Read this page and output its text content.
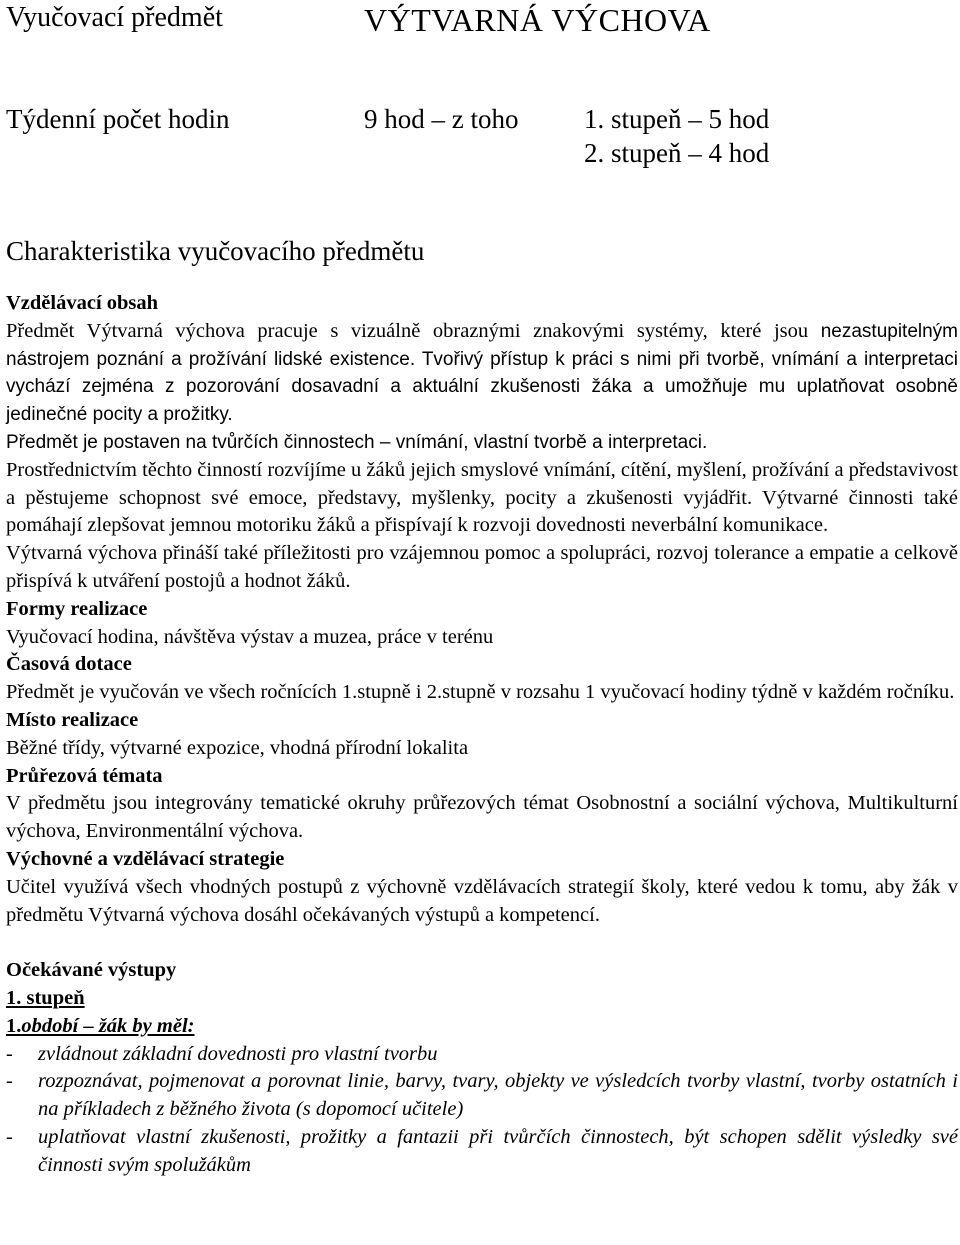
Vyučovací předmět	VÝTVARNÁ VÝCHOVA
Týdenní počet hodin	9 hod – z toho 1. stupeň – 5 hod
2. stupeň – 4 hod
Charakteristika vyučovacího předmětu

Vzdělávací obsah

Předmět Výtvarná výchova pracuje s vizuálně obraznými znakovými systémy, které jsou nezastupitelným nástrojem poznání a prožívání lidské existence. Tvořivý přístup k práci s nimi při tvorbě, vnímání a interpretaci vychází zejména z pozorování dosavadní a aktuální zkušenosti žáka a umožňuje mu uplatňovat osobně jedinečné pocity a prožitky.

Předmět je postaven na tvůrčích činnostech – vnímání, vlastní tvorbě a interpretaci.

Prostřednictvím těchto činností rozvíjíme u žáků jejich smyslové vnímání, cítění, myšlení, prožívání a představivost a pěstujeme schopnost své emoce, představy, myšlenky, pocity a zkušenosti vyjádřit. Výtvarné činnosti také pomáhají zlepšovat jemnou motoriku žáků a přispívají k rozvoji dovednosti neverbální komunikace.

Výtvarná výchova přináší také příležitosti pro vzájemnou pomoc a spolupráci, rozvoj tolerance a empatie a celkově přispívá k utváření postojů a hodnot žáků.

Formy realizace

Vyučovací hodina, návštěva výstav a muzea, práce v terénu

Časová dotace

Předmět je vyučován ve všech ročnících 1.stupně i 2.stupně v rozsahu 1 vyučovací hodiny týdně v každém ročníku.

Místo realizace

Běžné třídy, výtvarné expozice, vhodná přírodní lokalita

Průřezová témata

V předmětu jsou integrovány tematické okruhy průřezových témat Osobnostní a sociální výchova, Multikulturní výchova, Environmentální výchova.

Výchovné a vzdělávací strategie

Učitel využívá všech vhodných postupů z výchovně vzdělávacích strategií školy, které vedou k tomu, aby žák v předmětu Výtvarná výchova dosáhl očekávaných výstupů a kompetencí.

Očekávané výstupy

1. stupeň

1.období – žák by měl:

- zvládnout základní dovednosti pro vlastní tvorbu
- rozpoznávat, pojmenovat a porovnat linie, barvy, tvary, objekty ve výsledcích tvorby vlastní, tvorby ostatních i na příkladech z běžného života (s dopomocí učitele)
- uplatňovat vlastní zkušenosti, prožitky a fantazii při tvůrčích činnostech, být schopen sdělit výsledky své činnosti svým spolužákům
